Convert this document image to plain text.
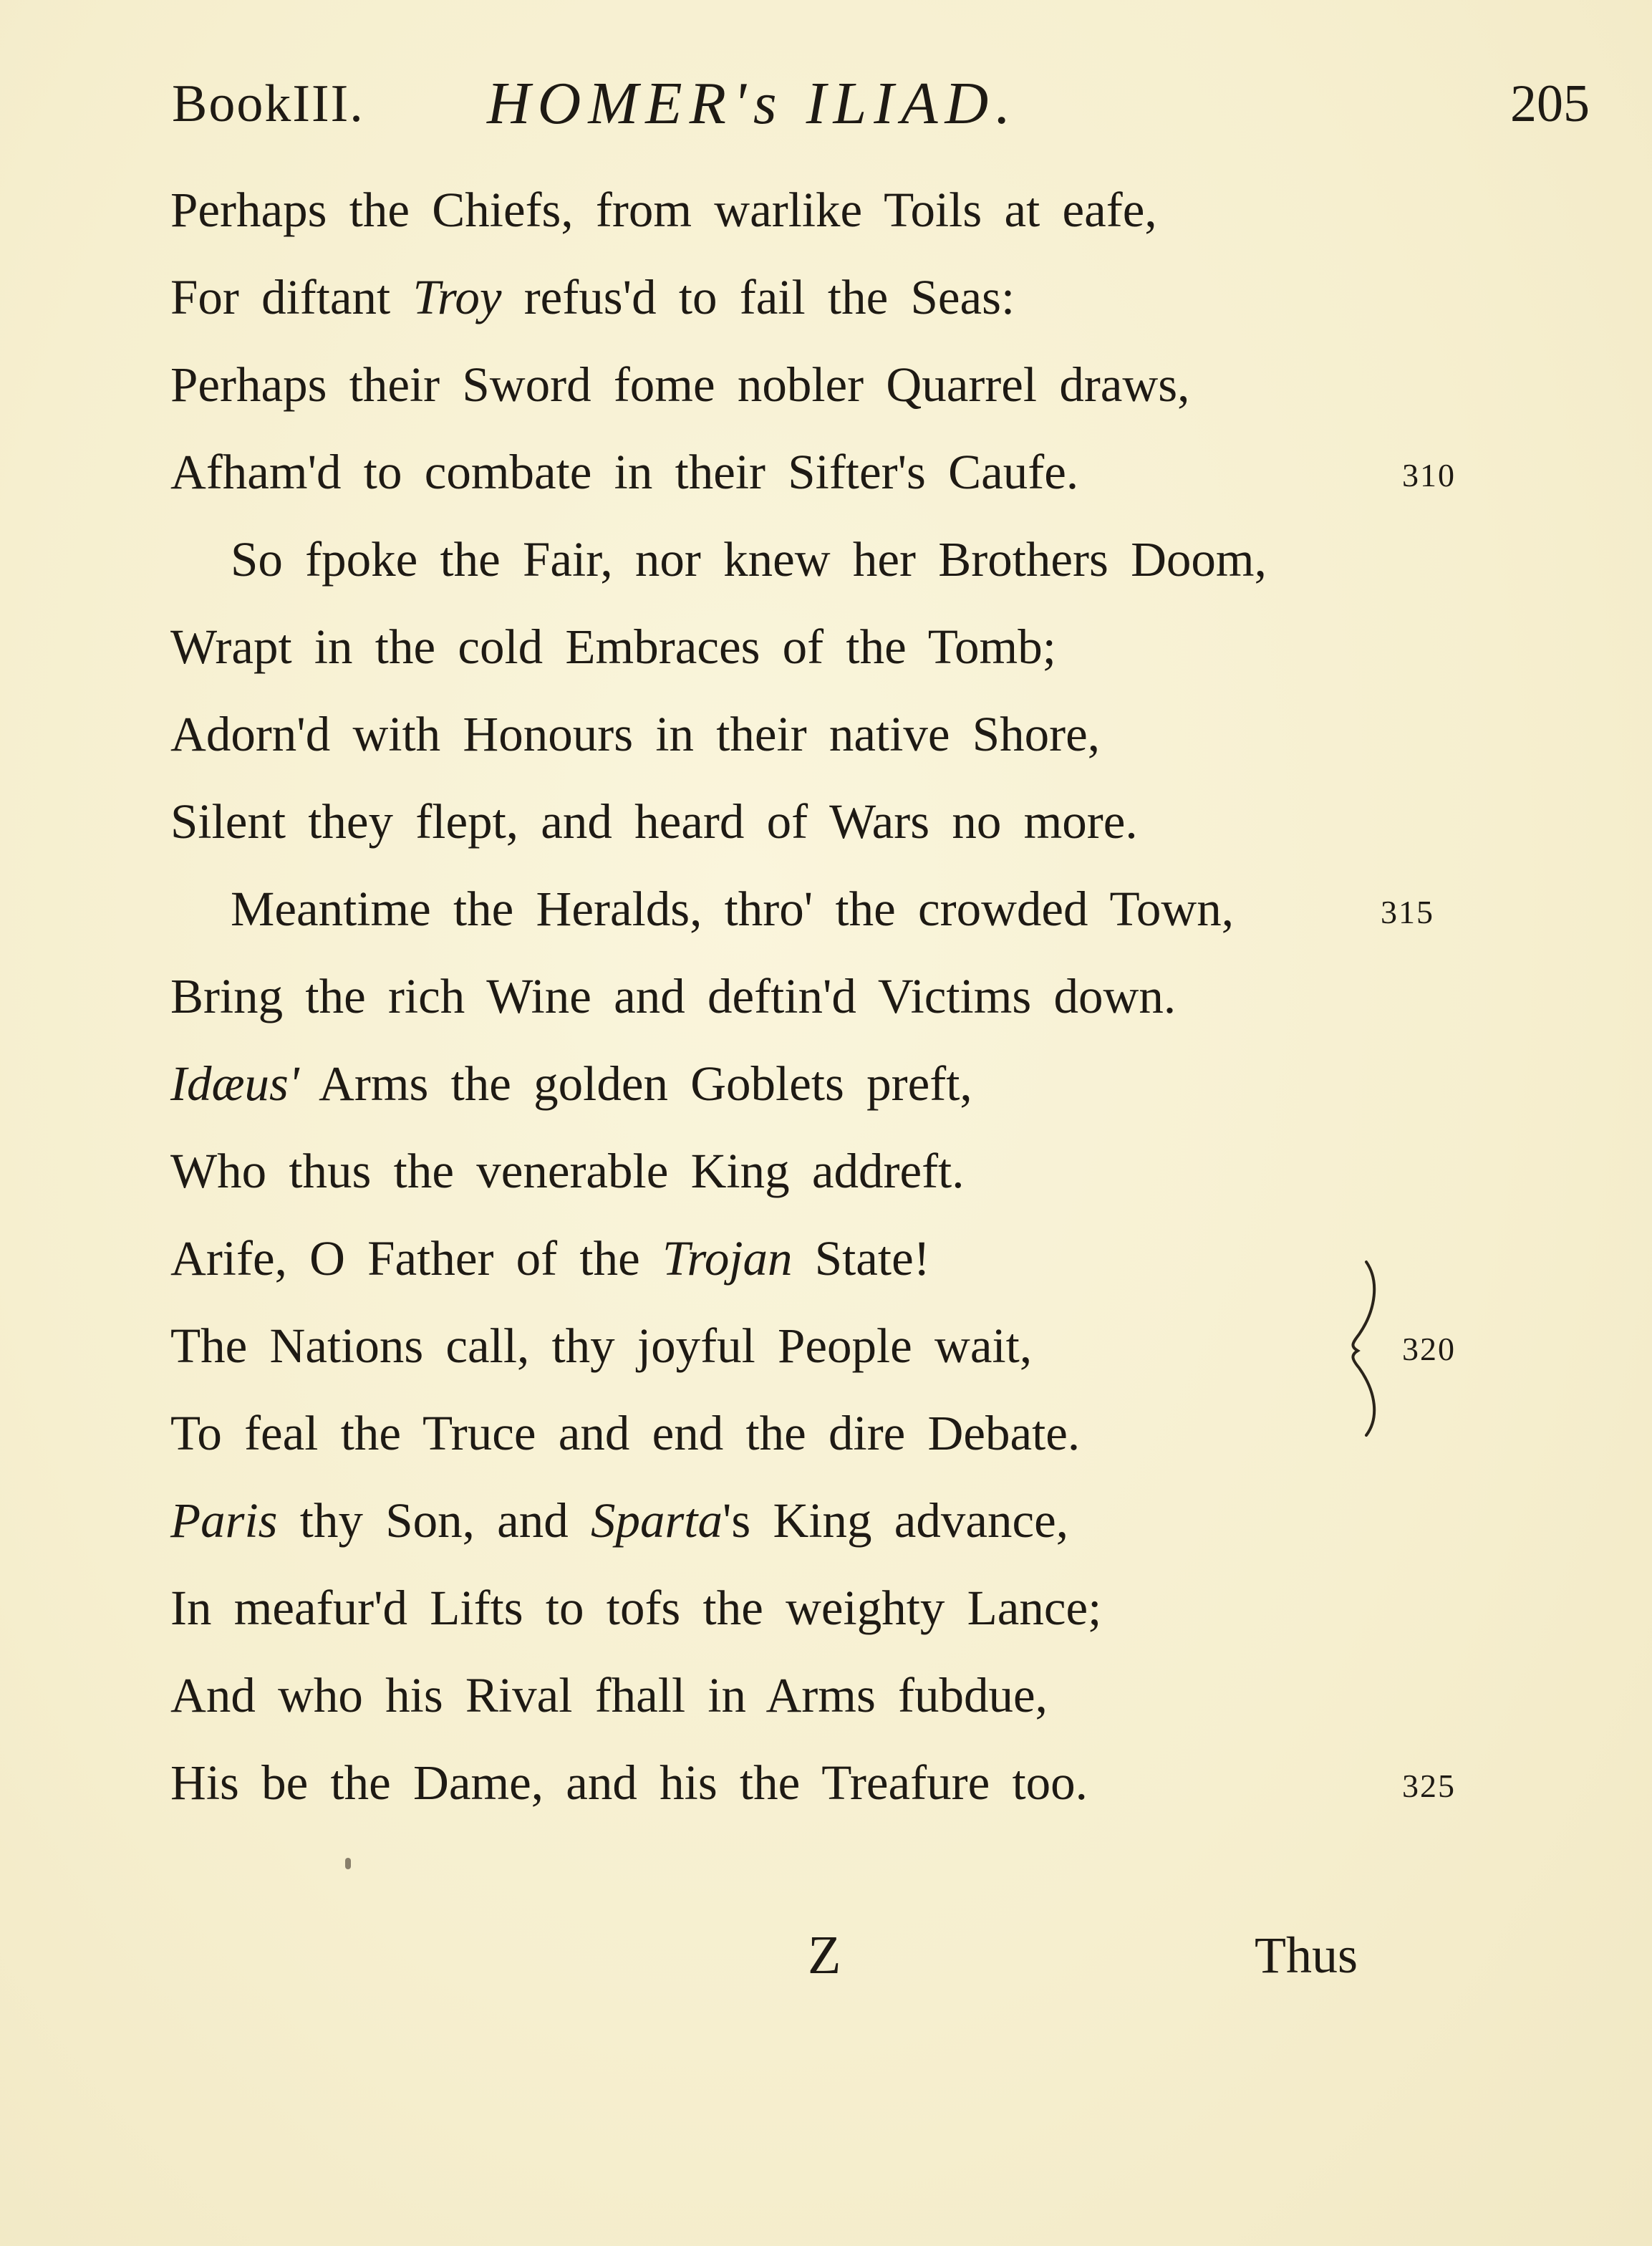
BookIII. HOMER's ILIAD.	205
Perhaps the Chiefs, from warlike Toils at eafe,
For diftant Troy refus'd to fail the Seas:
Perhaps their Sword fome nobler Quarrel draws,
Afham'd to combate in their Sifter's Caufe.	310
So fpoke the Fair, nor knew her Brothers Doom,
Wrapt in the cold Embraces of the Tomb;
Adorn'd with Honours in their native Shore,
Silent they flept, and heard of Wars no more.
Meantime the Heralds, thro' the crowded Town,	315
Bring the rich Wine and deftin'd Victims down.
Idæus' Arms the golden Goblets preft,
Who thus the venerable King addreft.
Arife, O Father of the Trojan State!
The Nations call, thy joyful People wait,	320
To feal the Truce and end the dire Debate.
Paris thy Son, and Sparta's King advance,
In meafur'd Lifts to tofs the weighty Lance;
And who his Rival fhall in Arms fubdue,
His be the Dame, and his the Treafure too.	325
Z	Thus
